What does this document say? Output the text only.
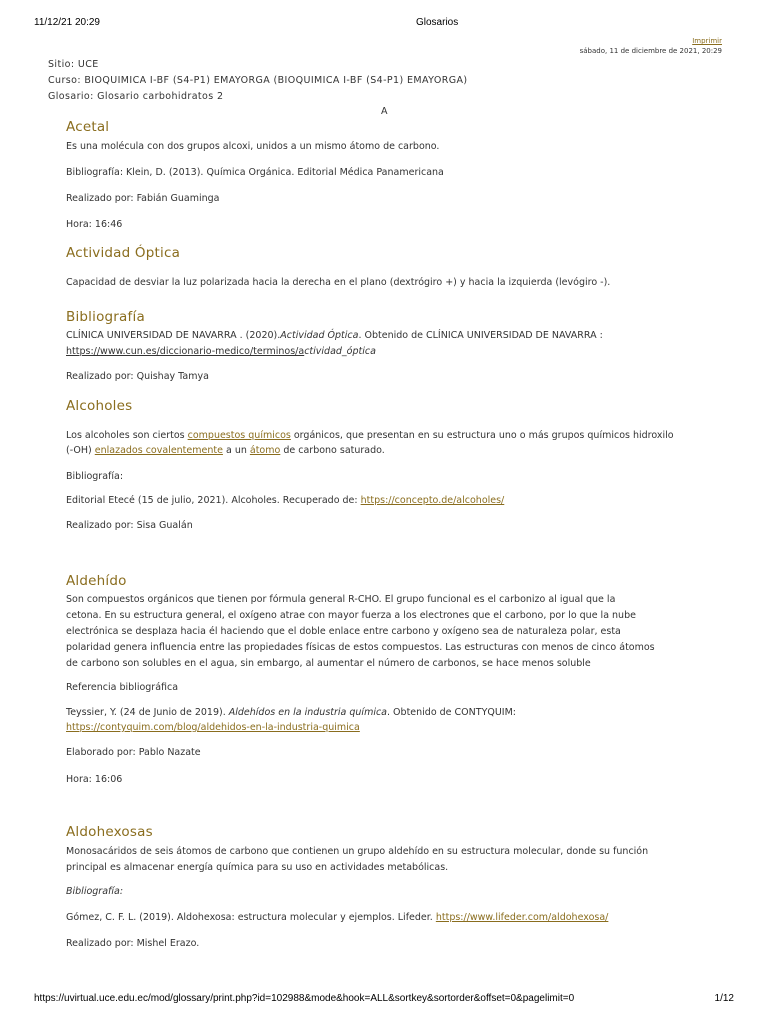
11/12/21 20:29	Glosarios
Imprimir
sábado, 11 de diciembre de 2021, 20:29
Sitio: UCE
Curso: BIOQUIMICA I-BF (S4-P1) EMAYORGA (BIOQUIMICA I-BF (S4-P1) EMAYORGA)
Glosario: Glosario carbohidratos 2
A
Acetal
Es una molécula con dos grupos alcoxi, unidos a un mismo átomo de carbono.
Bibliografía: Klein, D. (2013). Química Orgánica. Editorial Médica Panamericana
Realizado por: Fabián Guaminga
Hora: 16:46
Actividad Óptica
Capacidad de desviar la luz polarizada hacia la derecha en el plano (dextrógiro +) y hacia la izquierda (levógiro -).
Bibliografía
CLÍNICA UNIVERSIDAD DE NAVARRA . (2020).Actividad Óptica. Obtenido de CLÍNICA UNIVERSIDAD DE NAVARRA :
https://www.cun.es/diccionario-medico/terminos/actividad_óptica
Realizado por: Quishay Tamya
Alcoholes
Los alcoholes son ciertos compuestos químicos orgánicos, que presentan en su estructura uno o más grupos químicos hidroxilo
(-OH) enlazados covalentemente a un átomo de carbono saturado.
Bibliografía:
Editorial Etecé (15 de julio, 2021). Alcoholes. Recuperado de: https://concepto.de/alcoholes/
Realizado por: Sisa Gualán
Aldehído
Son compuestos orgánicos que tienen por fórmula general R-CHO. El grupo funcional es el carbonizo al igual que la
cetona. En su estructura general, el oxígeno atrae con mayor fuerza a los electrones que el carbono, por lo que la nube
electrónica se desplaza hacia él haciendo que el doble enlace entre carbono y oxígeno sea de naturaleza polar, esta
polaridad genera influencia entre las propiedades físicas de estos compuestos. Las estructuras con menos de cinco átomos
de carbono son solubles en el agua, sin embargo, al aumentar el número de carbonos, se hace menos soluble
Referencia bibliográfica
Teyssier, Y. (24 de Junio de 2019). Aldehídos en la industria química. Obtenido de CONTYQUIM:
https://contyquim.com/blog/aldehidos-en-la-industria-quimica
Elaborado por: Pablo Nazate
Hora: 16:06
Aldohexosas
Monosacáridos de seis átomos de carbono que contienen un grupo aldehído en su estructura molecular, donde su función
principal es almacenar energía química para su uso en actividades metabólicas.
Bibliografía:
Gómez, C. F. L. (2019). Aldohexosa: estructura molecular y ejemplos. Lifeder. https://www.lifeder.com/aldohexosa/
Realizado por: Mishel Erazo.
https://uvirtual.uce.edu.ec/mod/glossary/print.php?id=102988&mode&hook=ALL&sortkey&sortorder&offset=0&pagelimit=0	1/12
